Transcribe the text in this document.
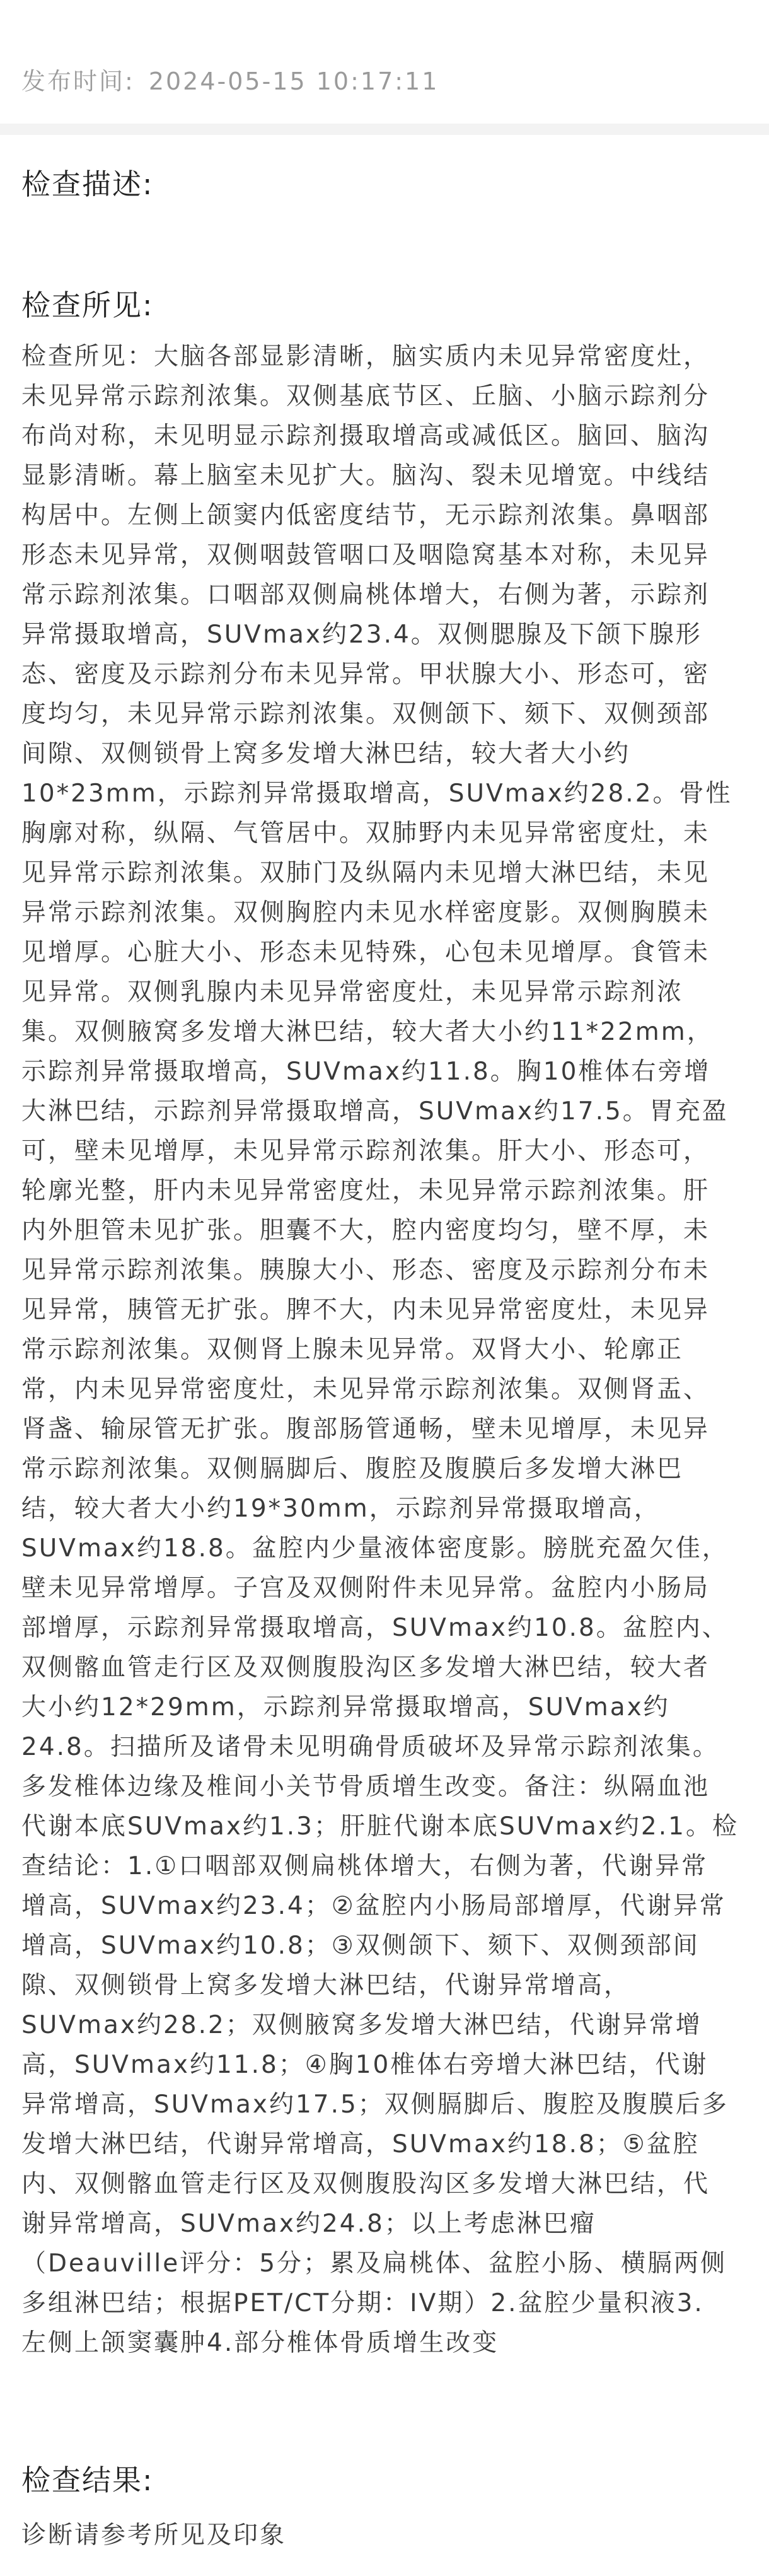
发布时间: 2024-05-15 10:17:11
检查描述:
检查所见:
检查所见：大脑各部显影清晰，脑实质内未见异常密度灶，
未见异常示踪剂浓集。双侧基底节区、丘脑、小脑示踪剂分
布尚对称，未见明显示踪剂摄取增高或减低区。脑回、脑沟
显影清晰。幕上脑室未见扩大。脑沟、裂未见增宽。中线结
构居中。左侧上颌窦内低密度结节，无示踪剂浓集。鼻咽部
形态未见异常，双侧咽鼓管咽口及咽隐窝基本对称，未见异
常示踪剂浓集。口咽部双侧扁桃体增大，右侧为著，示踪剂
异常摄取增高，SUVmax约23.4。双侧腮腺及下颌下腺形
态、密度及示踪剂分布未见异常。甲状腺大小、形态可，密
度均匀，未见异常示踪剂浓集。双侧颌下、颏下、双侧颈部
间隙、双侧锁骨上窝多发增大淋巴结，较大者大小约
10*23mm，示踪剂异常摄取增高，SUVmax约28.2。骨性
胸廓对称，纵隔、气管居中。双肺野内未见异常密度灶，未
见异常示踪剂浓集。双肺门及纵隔内未见增大淋巴结，未见
异常示踪剂浓集。双侧胸腔内未见水样密度影。双侧胸膜未
见增厚。心脏大小、形态未见特殊，心包未见增厚。食管未
见异常。双侧乳腺内未见异常密度灶，未见异常示踪剂浓
集。双侧腋窝多发增大淋巴结，较大者大小约11*22mm，
示踪剂异常摄取增高，SUVmax约11.8。胸10椎体右旁增
大淋巴结，示踪剂异常摄取增高，SUVmax约17.5。胃充盈
可，壁未见增厚，未见异常示踪剂浓集。肝大小、形态可，
轮廓光整，肝内未见异常密度灶，未见异常示踪剂浓集。肝
内外胆管未见扩张。胆囊不大，腔内密度均匀，壁不厚，未
见异常示踪剂浓集。胰腺大小、形态、密度及示踪剂分布未
见异常，胰管无扩张。脾不大，内未见异常密度灶，未见异
常示踪剂浓集。双侧肾上腺未见异常。双肾大小、轮廓正
常，内未见异常密度灶，未见异常示踪剂浓集。双侧肾盂、
肾盏、输尿管无扩张。腹部肠管通畅，壁未见增厚，未见异
常示踪剂浓集。双侧膈脚后、腹腔及腹膜后多发增大淋巴
结，较大者大小约19*30mm，示踪剂异常摄取增高，
SUVmax约18.8。盆腔内少量液体密度影。膀胱充盈欠佳，
壁未见异常增厚。子宫及双侧附件未见异常。盆腔内小肠局
部增厚，示踪剂异常摄取增高，SUVmax约10.8。盆腔内、
双侧髂血管走行区及双侧腹股沟区多发增大淋巴结，较大者
大小约12*29mm，示踪剂异常摄取增高，SUVmax约
24.8。扫描所及诸骨未见明确骨质破坏及异常示踪剂浓集。
多发椎体边缘及椎间小关节骨质增生改变。备注：纵隔血池
代谢本底SUVmax约1.3；肝脏代谢本底SUVmax约2.1。检
查结论：1.①口咽部双侧扁桃体增大，右侧为著，代谢异常
增高，SUVmax约23.4；②盆腔内小肠局部增厚，代谢异常
增高，SUVmax约10.8；③双侧颌下、颏下、双侧颈部间
隙、双侧锁骨上窝多发增大淋巴结，代谢异常增高，
SUVmax约28.2；双侧腋窝多发增大淋巴结，代谢异常增
高，SUVmax约11.8；④胸10椎体右旁增大淋巴结，代谢
异常增高，SUVmax约17.5；双侧膈脚后、腹腔及腹膜后多
发增大淋巴结，代谢异常增高，SUVmax约18.8；⑤盆腔
内、双侧髂血管走行区及双侧腹股沟区多发增大淋巴结，代
谢异常增高，SUVmax约24.8；以上考虑淋巴瘤
（Deauville评分：5分；累及扁桃体、盆腔小肠、横膈两侧
多组淋巴结；根据PET/CT分期：IV期）2.盆腔少量积液3.
左侧上颌窦囊肿4.部分椎体骨质增生改变
检查结果:
诊断请参考所见及印象
